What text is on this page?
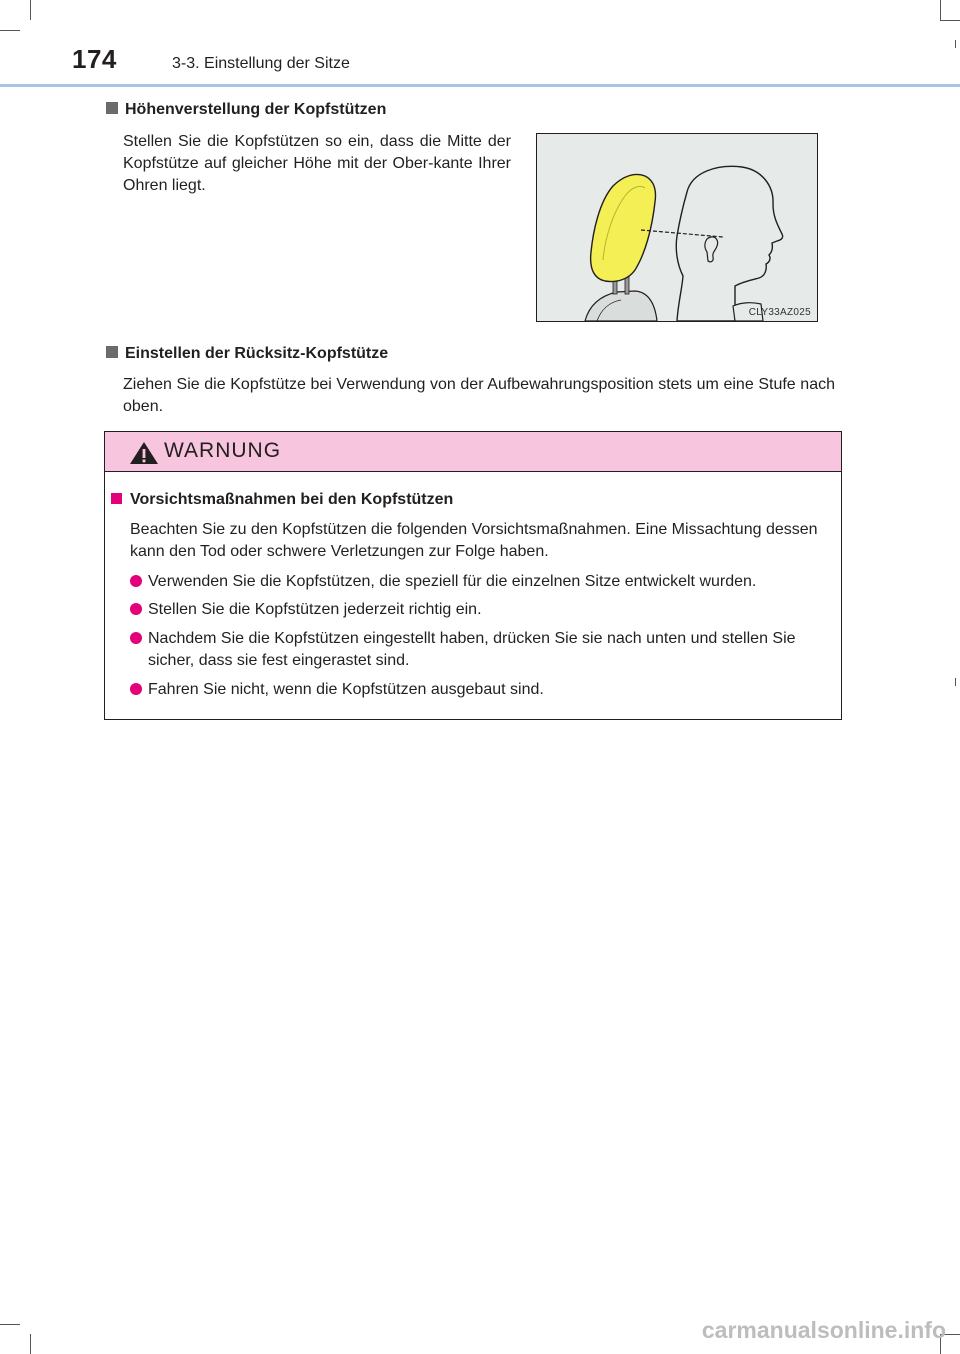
174	3-3. Einstellung der Sitze
Höhenverstellung der Kopfstützen
Stellen Sie die Kopfstützen so ein, dass die Mitte der Kopfstütze auf gleicher Höhe mit der Ober-kante Ihrer Ohren liegt.
CLY33AZ025
Einstellen der Rücksitz-Kopfstütze
Ziehen Sie die Kopfstütze bei Verwendung von der Aufbewahrungsposition stets um eine Stufe nach oben.
WARNUNG
Vorsichtsmaßnahmen bei den Kopfstützen
Beachten Sie zu den Kopfstützen die folgenden Vorsichtsmaßnahmen. Eine Missachtung dessen kann den Tod oder schwere Verletzungen zur Folge haben.
Verwenden Sie die Kopfstützen, die speziell für die einzelnen Sitze entwickelt wurden.
Stellen Sie die Kopfstützen jederzeit richtig ein.
Nachdem Sie die Kopfstützen eingestellt haben, drücken Sie sie nach unten und stellen Sie sicher, dass sie fest eingerastet sind.
Fahren Sie nicht, wenn die Kopfstützen ausgebaut sind.
carmanualsonline.info
